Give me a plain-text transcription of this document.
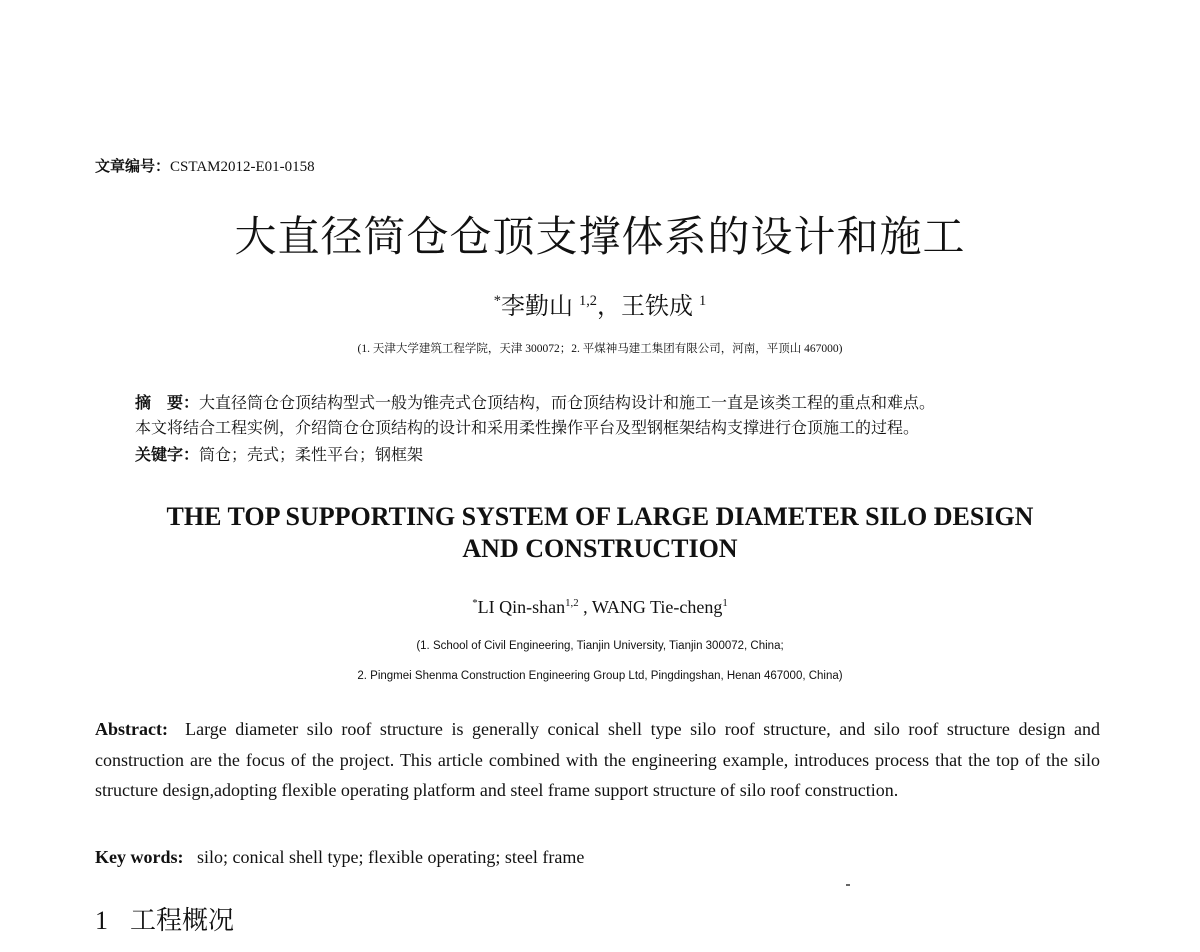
文章编号：CSTAM2012-E01-0158
大直径筒仓仓顶支撑体系的设计和施工
*李勤山 $^{1,2}$，王铁成 $^1$
(1. 天津大学建筑工程学院，天津 300072；2. 平煤神马建工集团有限公司，河南，平顶山 467000)
摘　要：大直径筒仓仓顶结构型式一般为锥壳式仓顶结构，而仓顶结构设计和施工一直是该类工程的重点和难点。
本文将结合工程实例，介绍筒仓仓顶结构的设计和采用柔性操作平台及型钢框架结构支撑进行仓顶施工的过程。
关键字：筒仓；壳式；柔性平台；钢框架
THE TOP SUPPORTING SYSTEM OF LARGE DIAMETER SILO DESIGN
AND CONSTRUCTION
*LI Qin-shan$^{1,2}$ , WANG Tie-cheng$^1$
(1. School of Civil Engineering, Tianjin University, Tianjin 300072, China;
2. Pingmei Shenma Construction Engineering Group Ltd, Pingdingshan, Henan 467000, China)
Abstract: Large diameter silo roof structure is generally conical shell type silo roof structure, and silo roof structure design and construction are the focus of the project. This article combined with the engineering example, introduces process that the top of the silo structure design,adopting flexible operating platform and steel frame support structure of silo roof construction.
Key words: silo; conical shell type; flexible operating; steel frame
1 工程概况
